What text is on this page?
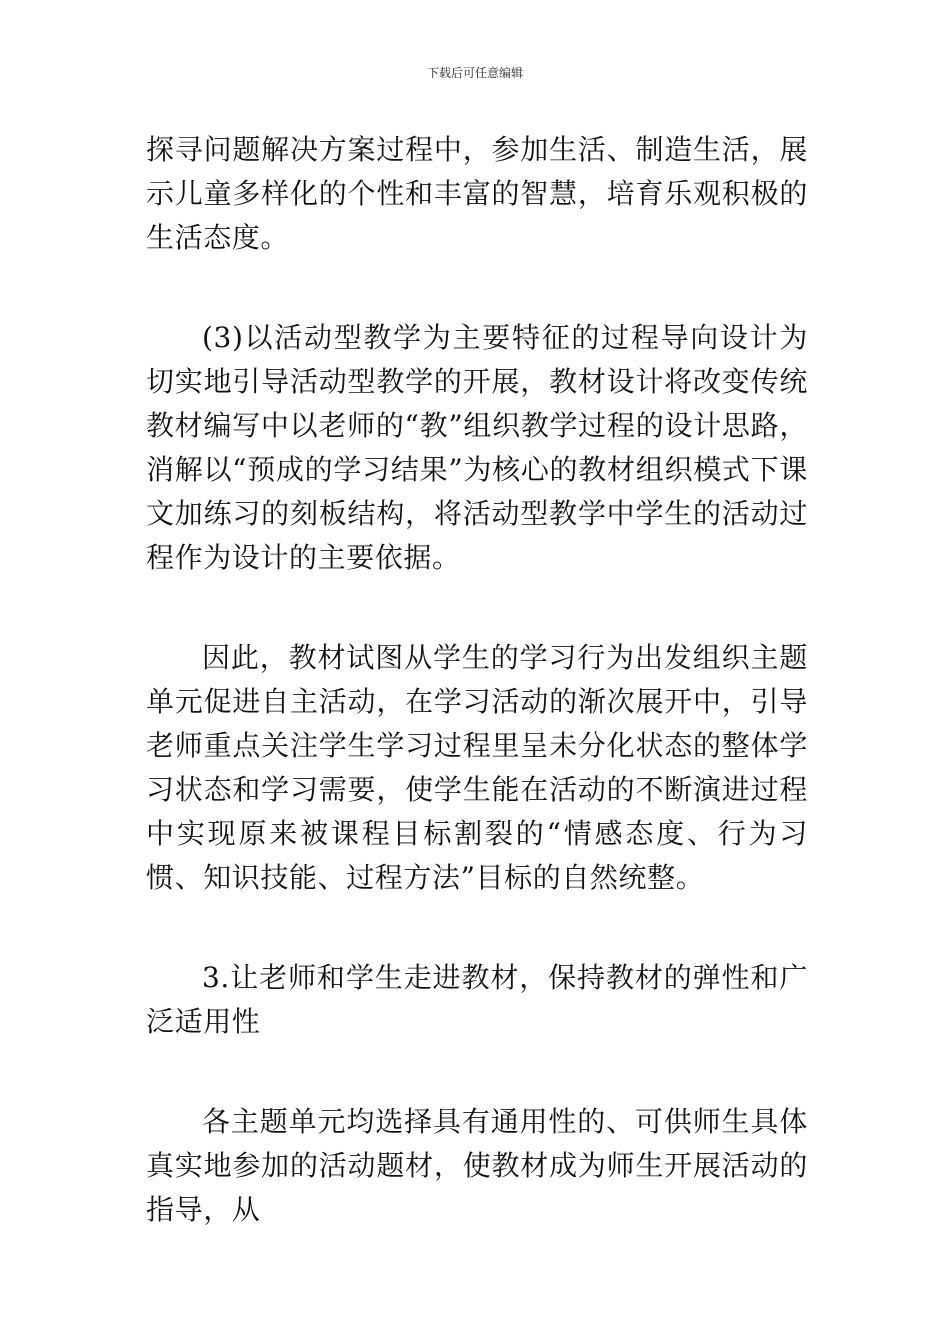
下载后可任意编辑

探寻问题解决方案过程中，参加生活、制造生活，展示儿童多样化的个性和丰富的智慧，培育乐观积极的生活态度。

(3)以活动型教学为主要特征的过程导向设计为切实地引导活动型教学的开展，教材设计将改变传统教材编写中以老师的“教”组织教学过程的设计思路，消解以“预成的学习结果”为核心的教材组织模式下课文加练习的刻板结构，将活动型教学中学生的活动过程作为设计的主要依据。

因此，教材试图从学生的学习行为出发组织主题单元促进自主活动，在学习活动的渐次展开中，引导老师重点关注学生学习过程里呈未分化状态的整体学习状态和学习需要，使学生能在活动的不断演进过程中实现原来被课程目标割裂的“情感态度、行为习惯、知识技能、过程方法”目标的自然统整。

3.让老师和学生走进教材，保持教材的弹性和广泛适用性

各主题单元均选择具有通用性的、可供师生具体真实地参加的活动题材，使教材成为师生开展活动的指导，从
